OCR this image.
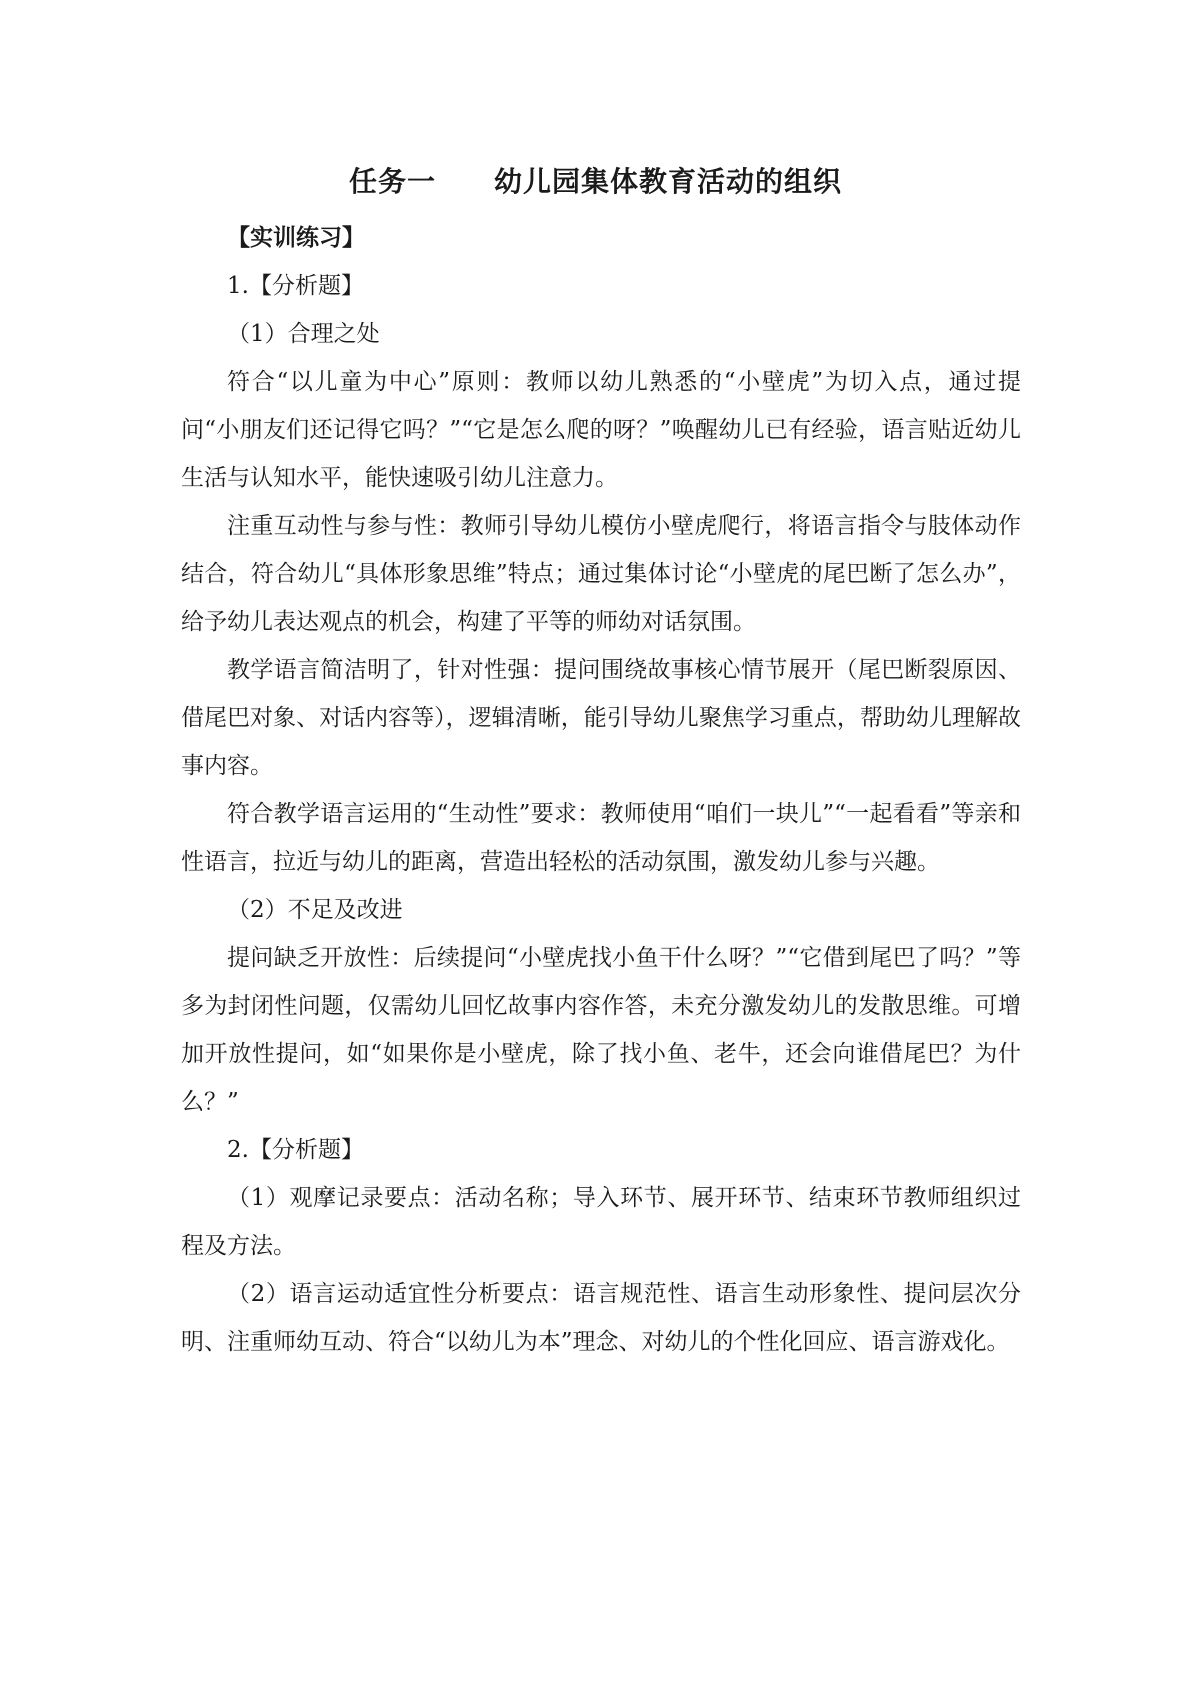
任务一　　幼儿园集体教育活动的组织

【实训练习】

1.【分析题】

（1）合理之处

符合“以儿童为中心”原则：教师以幼儿熟悉的“小壁虎”为切入点，通过提问“小朋友们还记得它吗？”“它是怎么爬的呀？”唤醒幼儿已有经验，语言贴近幼儿生活与认知水平，能快速吸引幼儿注意力。

注重互动性与参与性：教师引导幼儿模仿小壁虎爬行，将语言指令与肢体动作结合，符合幼儿“具体形象思维”特点；通过集体讨论“小壁虎的尾巴断了怎么办”，给予幼儿表达观点的机会，构建了平等的师幼对话氛围。

教学语言简洁明了，针对性强：提问围绕故事核心情节展开（尾巴断裂原因、借尾巴对象、对话内容等），逻辑清晰，能引导幼儿聚焦学习重点，帮助幼儿理解故事内容。

符合教学语言运用的“生动性”要求：教师使用“咱们一块儿”“一起看看”等亲和性语言，拉近与幼儿的距离，营造出轻松的活动氛围，激发幼儿参与兴趣。

（2）不足及改进

提问缺乏开放性：后续提问“小壁虎找小鱼干什么呀？”“它借到尾巴了吗？”等多为封闭性问题，仅需幼儿回忆故事内容作答，未充分激发幼儿的发散思维。可增加开放性提问，如“如果你是小壁虎，除了找小鱼、老牛，还会向谁借尾巴？为什么？”

2.【分析题】

（1）观摩记录要点：活动名称；导入环节、展开环节、结束环节教师组织过程及方法。

（2）语言运动适宜性分析要点：语言规范性、语言生动形象性、提问层次分明、注重师幼互动、符合“以幼儿为本”理念、对幼儿的个性化回应、语言游戏化。
